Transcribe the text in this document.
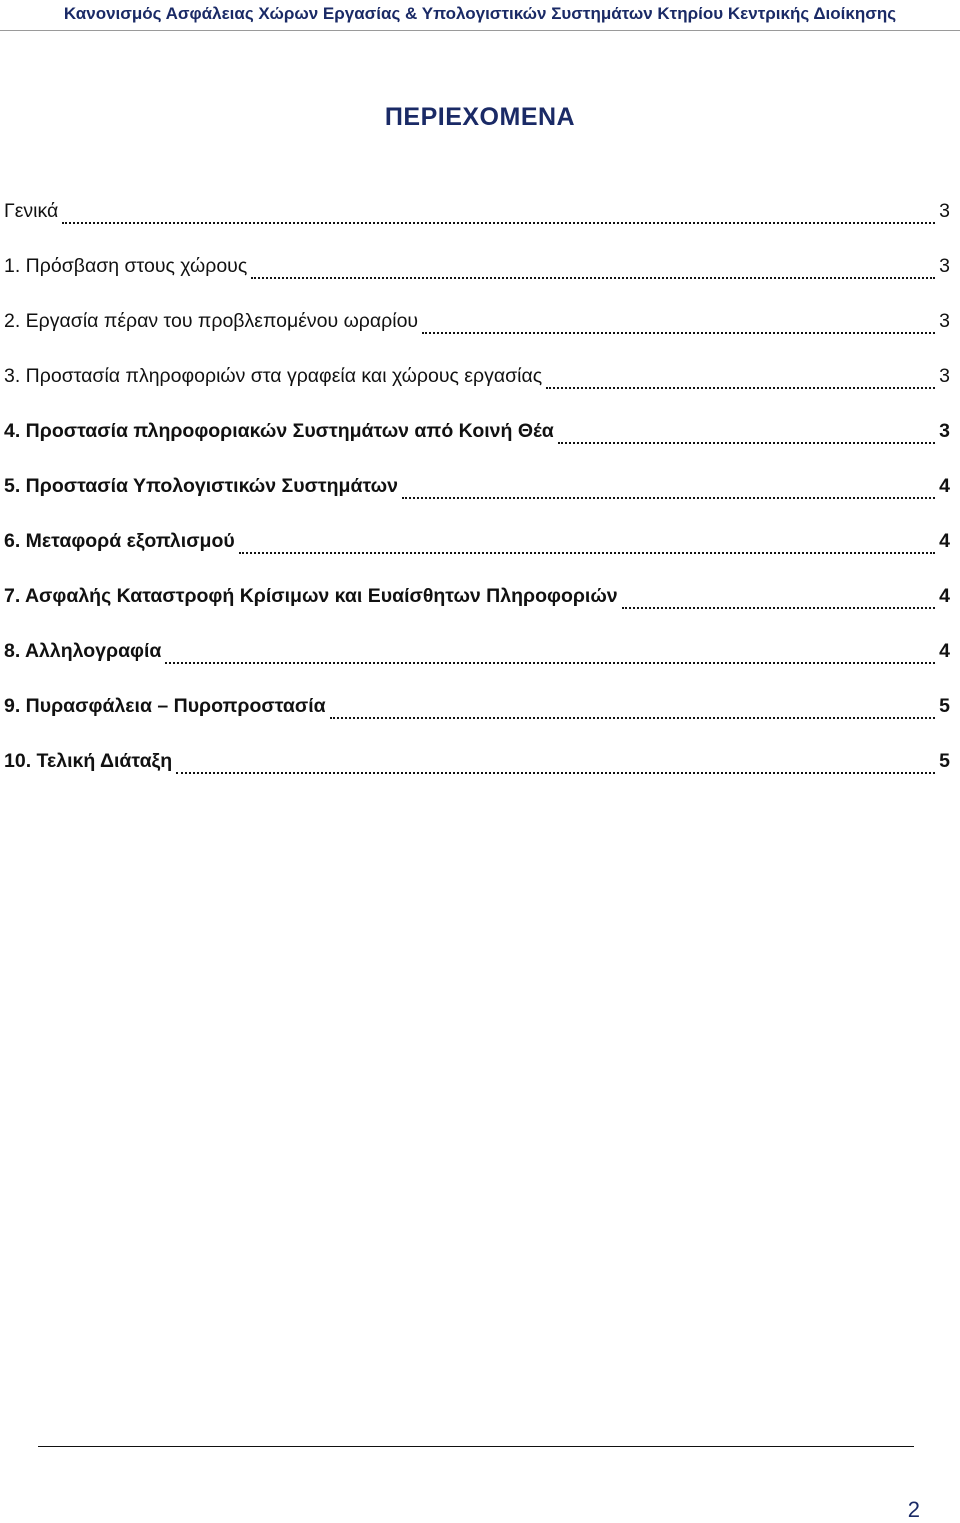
Κανονισμός Ασφάλειας Χώρων Εργασίας & Υπολογιστικών Συστημάτων Κτηρίου Κεντρικής Διοίκησης
ΠΕΡΙΕΧΟΜΕΝΑ
Γενικά	3
1. Πρόσβαση στους χώρους	3
2. Εργασία πέραν του προβλεπομένου ωραρίου	3
3. Προστασία πληροφοριών στα γραφεία και χώρους εργασίας	3
4. Προστασία πληροφοριακών Συστημάτων από Κοινή Θέα	3
5. Προστασία Υπολογιστικών Συστημάτων	4
6. Μεταφορά εξοπλισμού	4
7. Ασφαλής Καταστροφή Κρίσιμων και Ευαίσθητων Πληροφοριών	4
8. Αλληλογραφία	4
9. Πυρασφάλεια – Πυροπροστασία	5
10. Τελική Διάταξη	5
2
